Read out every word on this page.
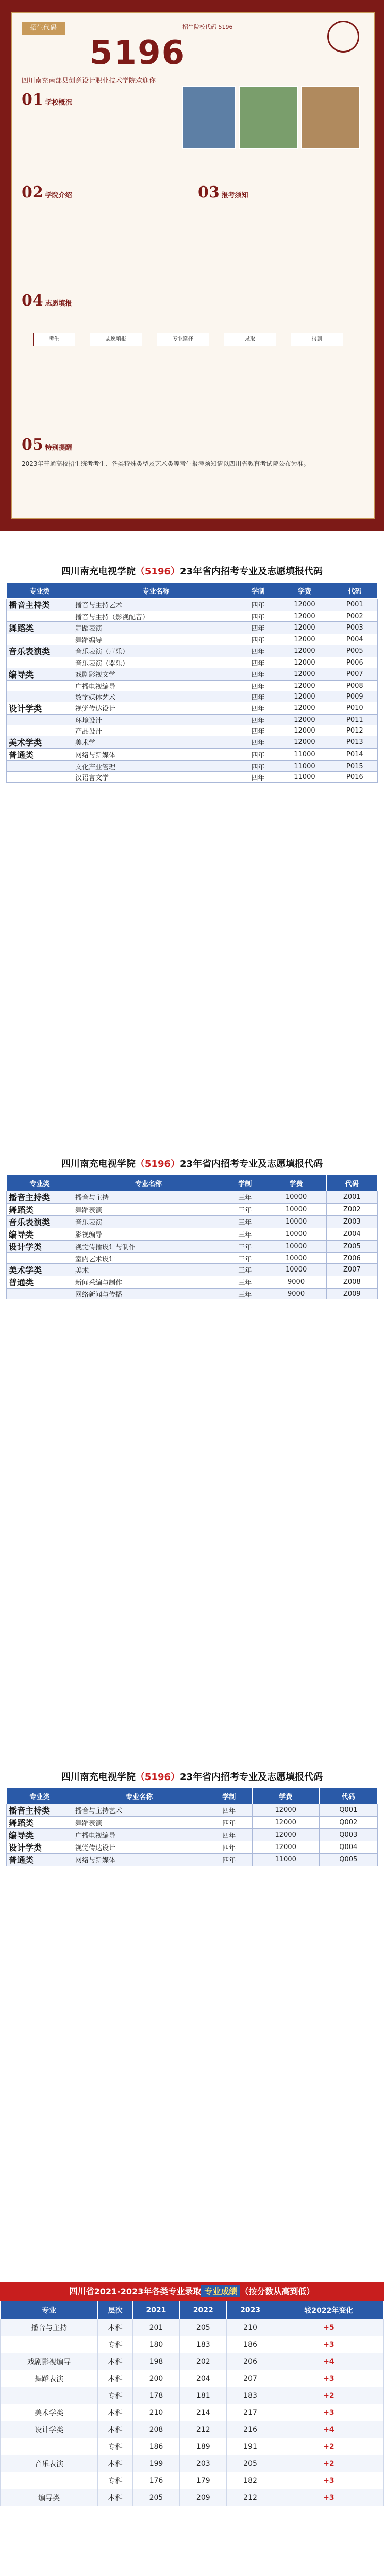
招生代码
5196
招生院校代码 5196
四川南充南部县创意设计职业技术学院欢迎你
01 学校概况
02 学院介绍	03 报考须知
04 志愿填报
考生	志愿填报	专业选择	录取	报到
05 特别提醒
2023年普通高校招生统考考生、各类特殊类型及艺术类等考生报考须知请以四川省教育考试院公布为准。
四川南充电视学院（5196）23年省内招考专业及志愿填报代码
专业类	专业名称	学制	学费	代码
播音主持类	播音与主持艺术	四年	12000	P001
	播音与主持（影视配音）	四年	12000	P002
舞蹈类	舞蹈表演	四年	12000	P003
	舞蹈编导	四年	12000	P004
音乐表演类	音乐表演（声乐）	四年	12000	P005
	音乐表演（器乐）	四年	12000	P006
编导类	戏剧影视文学	四年	12000	P007
	广播电视编导	四年	12000	P008
	数字媒体艺术	四年	12000	P009
设计学类	视觉传达设计	四年	12000	P010
	环境设计	四年	12000	P011
	产品设计	四年	12000	P012
美术学类	美术学	四年	12000	P013
普通类	网络与新媒体	四年	11000	P014
	文化产业管理	四年	11000	P015
	汉语言文学	四年	11000	P016
四川南充电视学院（5196）23年省内招考专业及志愿填报代码
专业类	专业名称	学制	学费	代码
播音主持类	播音与主持	三年	10000	Z001
舞蹈类	舞蹈表演	三年	10000	Z002
音乐表演类	音乐表演	三年	10000	Z003
编导类	影视编导	三年	10000	Z004
设计学类	视觉传播设计与制作	三年	10000	Z005
	室内艺术设计	三年	10000	Z006
美术学类	美术	三年	10000	Z007
普通类	新闻采编与制作	三年	9000	Z008
	网络新闻与传播	三年	9000	Z009
四川南充电视学院（5196）23年省内招考专业及志愿填报代码
专业类	专业名称	学制	学费	代码
播音主持类	播音与主持艺术	四年	12000	Q001
舞蹈类	舞蹈表演	四年	12000	Q002
编导类	广播电视编导	四年	12000	Q003
设计学类	视觉传达设计	四年	12000	Q004
普通类	网络与新媒体	四年	11000	Q005
四川省2021-2023年各类专业录取 专业成绩 （按分数从高到低）
专业	层次	2021	2022	2023	较2022年变化
播音与主持	本科	201	205	210	+5
	专科	180	183	186	+3
戏剧影视编导	本科	198	202	206	+4
舞蹈表演	本科	200	204	207	+3
	专科	178	181	183	+2
美术学类	本科	210	214	217	+3
设计学类	本科	208	212	216	+4
	专科	186	189	191	+2
音乐表演	本科	199	203	205	+2
	专科	176	179	182	+3
编导类	本科	205	209	212	+3
